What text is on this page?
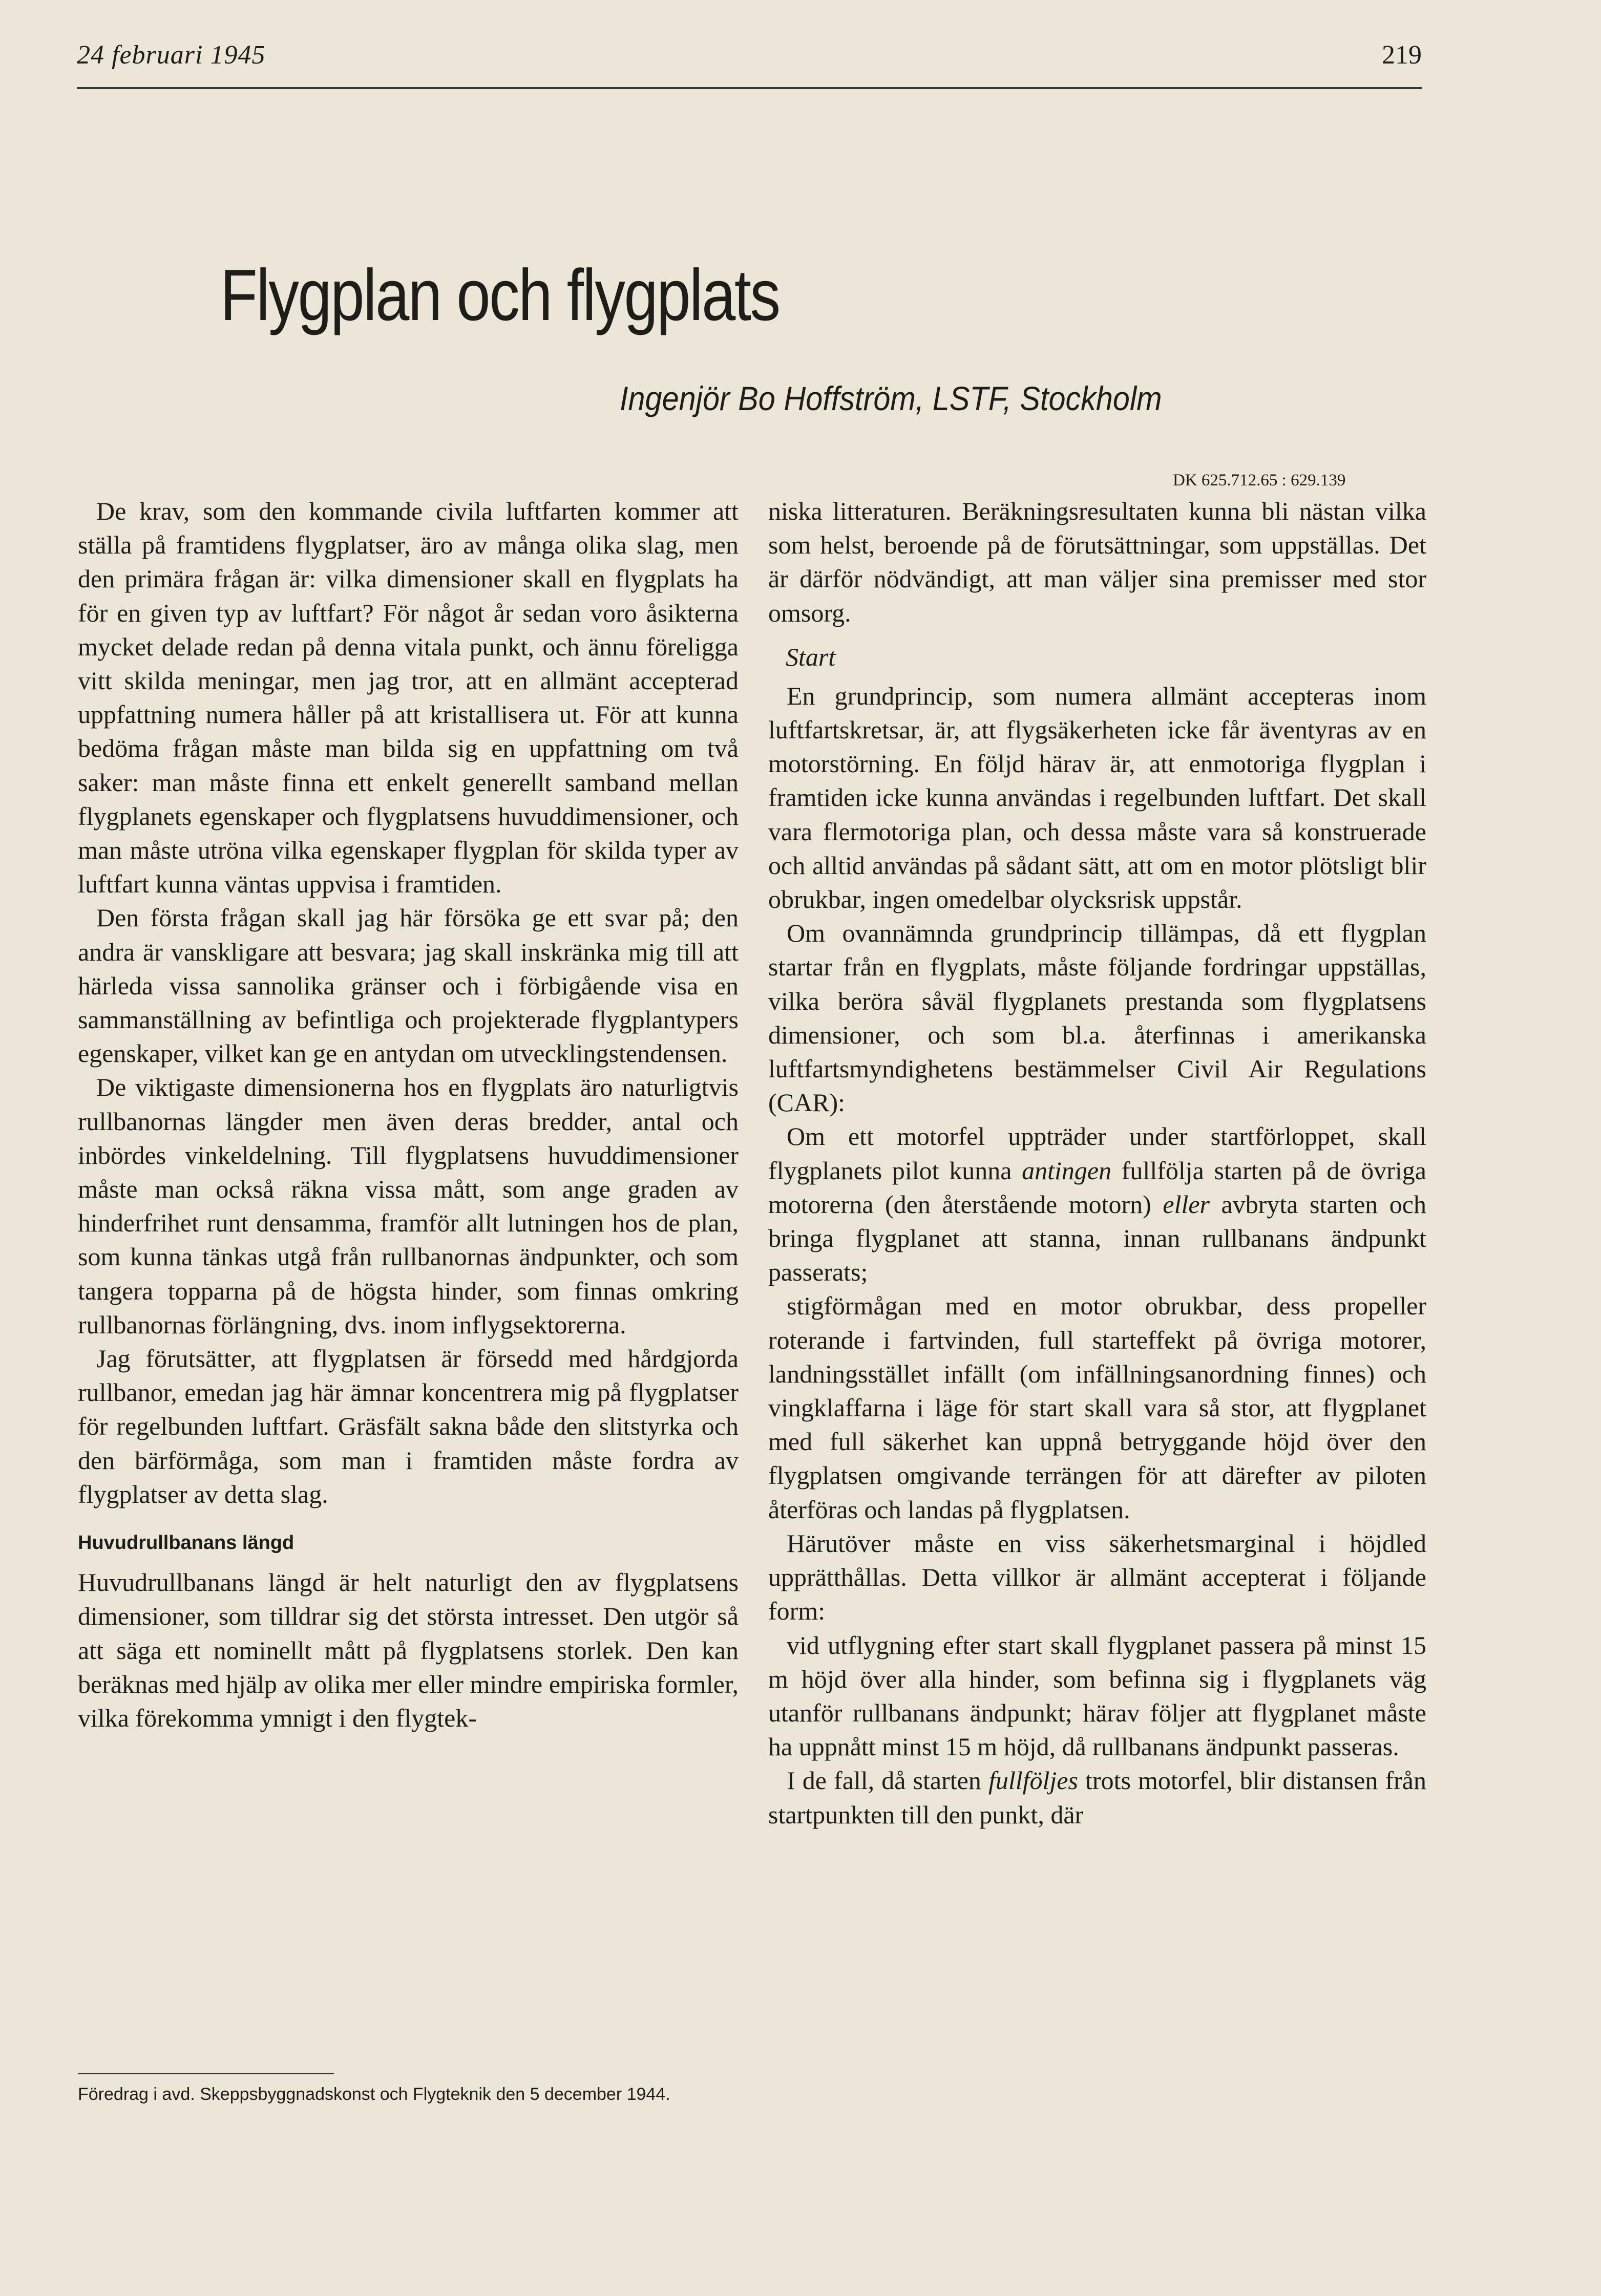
24 februari 1945	219
Flygplan och flygplats
Ingenjör Bo Hoffström, LSTF, Stockholm
DK 625.712.65 : 629.139

De krav, som den kommande civila luftfarten kommer att ställa på framtidens flygplatser, äro av många olika slag, men den primära frågan är: vilka dimensioner skall en flygplats ha för en given typ av luftfart? För något år sedan voro åsikterna mycket delade redan på denna vitala punkt, och ännu föreligga vitt skilda meningar, men jag tror, att en allmänt accepterad uppfattning numera håller på att kristallisera ut. För att kunna bedöma frågan måste man bilda sig en uppfattning om två saker: man måste finna ett enkelt generellt samband mellan flygplanets egenskaper och flygplatsens huvuddimensioner, och man måste utröna vilka egenskaper flygplan för skilda typer av luftfart kunna väntas uppvisa i framtiden.

Den första frågan skall jag här försöka ge ett svar på; den andra är vanskligare att besvara; jag skall inskränka mig till att härleda vissa sannolika gränser och i förbigående visa en sammanställning av befintliga och projekterade flygplantypers egenskaper, vilket kan ge en antydan om utvecklingstendensen.

De viktigaste dimensionerna hos en flygplats äro naturligtvis rullbanornas längder men även deras bredder, antal och inbördes vinkeldelning. Till flygplatsens huvuddimensioner måste man också räkna vissa mått, som ange graden av hinderfrihet runt densamma, framför allt lutningen hos de plan, som kunna tänkas utgå från rullbanornas ändpunkter, och som tangera topparna på de högsta hinder, som finnas omkring rullbanornas förlängning, dvs. inom inflygsektorerna.

Jag förutsätter, att flygplatsen är försedd med hårdgjorda rullbanor, emedan jag här ämnar koncentrera mig på flygplatser för regelbunden luftfart. Gräsfält sakna både den slitstyrka och den bärförmåga, som man i framtiden måste fordra av flygplatser av detta slag.

Huvudrullbanans längd

Huvudrullbanans längd är helt naturligt den av flygplatsens dimensioner, som tilldrar sig det största intresset. Den utgör så att säga ett nominellt mått på flygplatsens storlek. Den kan beräknas med hjälp av olika mer eller mindre empiriska formler, vilka förekomma ymnigt i den flygtek-

Föredrag i avd. Skeppsbyggnadskonst och Flygteknik den 5 december 1944.

niska litteraturen. Beräkningsresultaten kunna bli nästan vilka som helst, beroende på de förutsättningar, som uppställas. Det är därför nödvändigt, att man väljer sina premisser med stor omsorg.

Start

En grundprincip, som numera allmänt accepteras inom luftfartskretsar, är, att flygsäkerheten icke får äventyras av en motorstörning. En följd härav är, att enmotoriga flygplan i framtiden icke kunna användas i regelbunden luftfart. Det skall vara flermotoriga plan, och dessa måste vara så konstruerade och alltid användas på sådant sätt, att om en motor plötsligt blir obrukbar, ingen omedelbar olycksrisk uppstår.

Om ovannämnda grundprincip tillämpas, då ett flygplan startar från en flygplats, måste följande fordringar uppställas, vilka beröra såväl flygplanets prestanda som flygplatsens dimensioner, och som bl.a. återfinnas i amerikanska luftfartsmyndighetens bestämmelser Civil Air Regulations (CAR):

Om ett motorfel uppträder under startförloppet, skall flygplanets pilot kunna antingen fullfölja starten på de övriga motorerna (den återstående motorn) eller avbryta starten och bringa flygplanet att stanna, innan rullbanans ändpunkt passerats;

stigförmågan med en motor obrukbar, dess propeller roterande i fartvinden, full starteffekt på övriga motorer, landningsstället infällt (om infällningsanordning finnes) och vingklaffarna i läge för start skall vara så stor, att flygplanet med full säkerhet kan uppnå betryggande höjd över den flygplatsen omgivande terrängen för att därefter av piloten återföras och landas på flygplatsen.

Härutöver måste en viss säkerhetsmarginal i höjdled upprätthållas. Detta villkor är allmänt accepterat i följande form:

vid utflygning efter start skall flygplanet passera på minst 15 m höjd över alla hinder, som befinna sig i flygplanets väg utanför rullbanans ändpunkt; härav följer att flygplanet måste ha uppnått minst 15 m höjd, då rullbanans ändpunkt passeras.

I de fall, då starten fullföljes trots motorfel, blir distansen från startpunkten till den punkt, där
